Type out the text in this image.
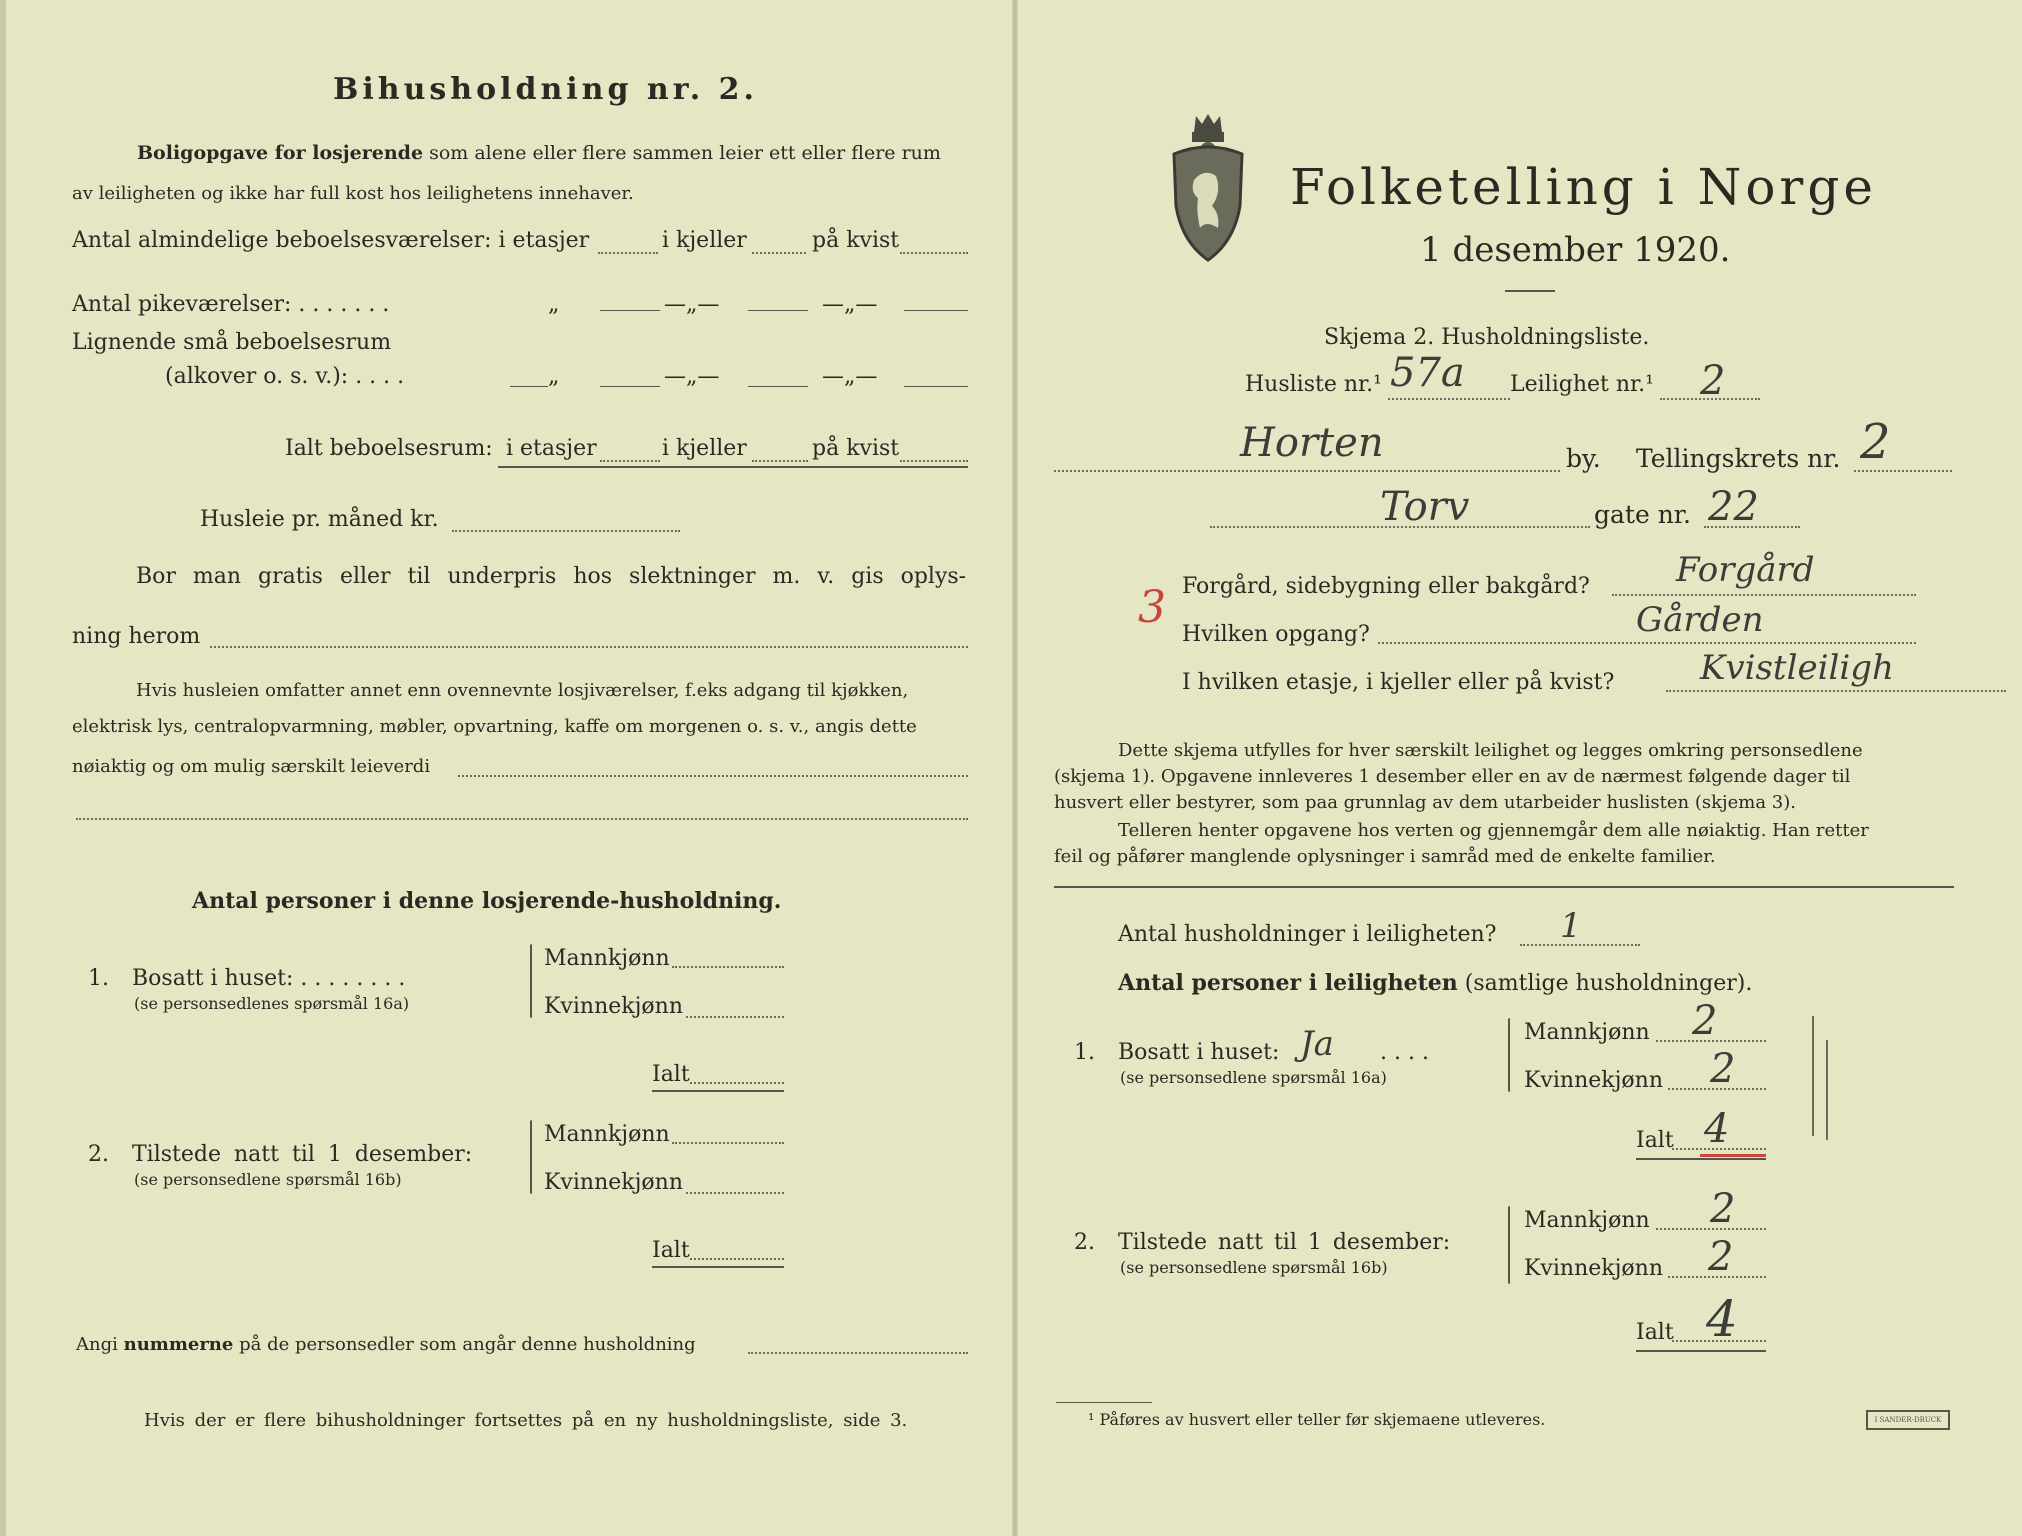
Bihusholdning nr. 2.
Boligopgave for losjerende som alene eller flere sammen leier ett eller flere rum
av leiligheten og ikke har full kost hos leilighetens innehaver.
Antal almindelige beboelsesværelser: i etasjer	i kjeller	på kvist
Antal pikeværelser: . . . . . . .	„	—„—	—„—
Lignende små beboelsesrum
(alkover o. s. v.): . . . .	„	—„—	—„—
Ialt beboelsesrum: i etasjer	i kjeller	på kvist
Husleie pr. måned kr.
Bor man gratis eller til underpris hos slektninger m. v. gis oplys-
ning herom
Hvis husleien omfatter annet enn ovennevnte losjiværelser, f.eks adgang til kjøkken,
elektrisk lys, centralopvarmning, møbler, opvartning, kaffe om morgenen o. s. v., angis dette
nøiaktig og om mulig særskilt leieverdi
Antal personer i denne losjerende-husholdning.
1. Bosatt i huset: . . . . . . . .
(se personsedlenes spørsmål 16a)
Mannkjønn
Kvinnekjønn
Ialt
2. Tilstede natt til 1 desember:
(se personsedlene spørsmål 16b)
Mannkjønn
Kvinnekjønn
Ialt
Angi nummerne på de personsedler som angår denne husholdning
Hvis der er flere bihusholdninger fortsettes på en ny husholdningsliste, side 3.
Folketelling i Norge
1 desember 1920.
Skjema 2. Husholdningsliste.
Husliste nr.¹ 57a Leilighet nr.¹ 2
Horten	by. Tellingskrets nr. 2
Torv	gate nr. 22
3 Forgård, sidebygning eller bakgård?	Forgård
Hvilken opgang?	Gården
I hvilken etasje, i kjeller eller på kvist?	Kvistleiligh
Dette skjema utfylles for hver særskilt leilighet og legges omkring personsedlene
(skjema 1). Opgavene innleveres 1 desember eller en av de nærmest følgende dager til
husvert eller bestyrer, som paa grunnlag av dem utarbeider huslisten (skjema 3).
Telleren henter opgavene hos verten og gjennemgår dem alle nøiaktig. Han retter
feil og påfører manglende oplysninger i samråd med de enkelte familier.
Antal husholdninger i leiligheten? 1
Antal personer i leiligheten (samtlige husholdninger).
1. Bosatt i huset: Ja . . . .
(se personsedlene spørsmål 16a)
Mannkjønn 2
Kvinnekjønn 2
Ialt 4
2. Tilstede natt til 1 desember:
(se personsedlene spørsmål 16b)
Mannkjønn 2
Kvinnekjønn 2
Ialt 4
¹ Påføres av husvert eller teller før skjemaene utleveres.	I SANDER-DRUCK
